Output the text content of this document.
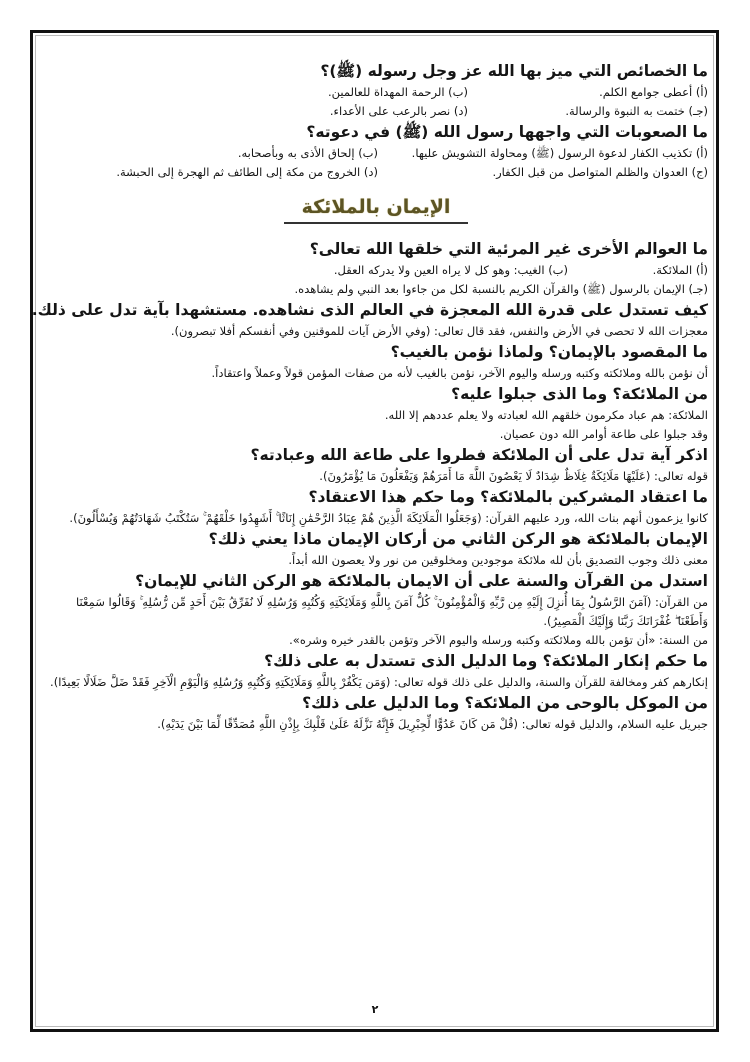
ما الخصائص التي ميز بها الله عز وجل رسوله (ﷺ)؟

(أ) أعطى جوامع الكلم.
(ب) الرحمة المهداة للعالمين.
(جـ) ختمت به النبوة والرسالة.
(د) نصر بالرعب على الأعداء.

ما الصعوبات التي واجهها رسول الله (ﷺ) في دعوته؟

(أ) تكذيب الكفار لدعوة الرسول (ﷺ) ومحاولة التشويش عليها.
(ب) إلحاق الأذى به وبأصحابه.
(ج) العدوان والظلم المتواصل من قبل الكفار.
(د) الخروج من مكة إلى الطائف ثم الهجرة إلى الحبشة.
الإيمان بالملائكة

ما العوالم الأخرى غير المرئية التي خلقها الله تعالى؟

(أ) الملائكة.
(ب) الغيب: وهو كل لا يراه العين ولا يدركه العقل.

(جـ) الإيمان بالرسول (ﷺ) والقرآن الكريم بالنسبة لكل من جاءوا بعد النبي ولم يشاهده.

كيف تستدل على قدرة الله المعجزة في العالم الذى نشاهده. مستشهدا بآية تدل على ذلك.

معجزات الله لا تحصى في الأرض والنفس، فقد قال تعالى: (وفي الأرض آيات للموقنين وفي أنفسكم أفلا تبصرون).

ما المقصود بالإيمان؟ ولماذا نؤمن بالغيب؟

أن نؤمن بالله وملائكته وكتبه ورسله واليوم الآخر، نؤمن بالغيب لأنه من صفات المؤمن قولاً وعملاً واعتقاداً.

من الملائكة؟ وما الذى جبلوا عليه؟

الملائكة: هم عباد مكرمون خلقهم الله لعبادته ولا يعلم عددهم إلا الله.

وقد جبلوا على طاعة أوامر الله دون عصيان.

اذكر آية تدل على أن الملائكة فطروا على طاعة الله وعبادته؟

قوله تعالى: (عَلَيْهَا مَلَائِكَةٌ غِلَاظٌ شِدَادٌ لَا يَعْصُونَ اللَّهَ مَا أَمَرَهُمْ وَيَفْعَلُونَ مَا يُؤْمَرُونَ).

ما اعتقاد المشركين بالملائكة؟ وما حكم هذا الاعتقاد؟

كانوا يزعمون أنهم بنات الله، ورد عليهم القرآن: (وَجَعَلُوا الْمَلَائِكَةَ الَّذِينَ هُمْ عِبَادُ الرَّحْمَٰنِ إِنَاثًا ۚ أَشَهِدُوا خَلْقَهُمْ ۚ سَتُكْتَبُ شَهَادَتُهُمْ وَيُسْأَلُونَ).

الإيمان بالملائكة هو الركن الثاني من أركان الإيمان ماذا يعني ذلك؟

معنى ذلك وجوب التصديق بأن لله ملائكة موجودين ومخلوقين من نور ولا يعصون الله أبداً.

استدل من القرآن والسنة على أن الايمان بالملائكة هو الركن الثاني للإيمان؟

من القرآن: (آمَنَ الرَّسُولُ بِمَا أُنزِلَ إِلَيْهِ مِن رَّبِّهِ وَالْمُؤْمِنُونَ ۚ كُلٌّ آمَنَ بِاللَّهِ وَمَلَائِكَتِهِ وَكُتُبِهِ وَرُسُلِهِ لَا نُفَرِّقُ بَيْنَ أَحَدٍ مِّن رُّسُلِهِ ۚ وَقَالُوا سَمِعْنَا وَأَطَعْنَا ۖ غُفْرَانَكَ رَبَّنَا وَإِلَيْكَ الْمَصِيرُ).

من السنة: «أن تؤمن بالله وملائكته وكتبه ورسله واليوم الآخر وتؤمن بالقدر خيره وشره».

ما حكم إنكار الملائكة؟ وما الدليل الذى تستدل به على ذلك؟

إنكارهم كفر ومخالفة للقرآن والسنة، والدليل على ذلك قوله تعالى: (وَمَن يَكْفُرْ بِاللَّهِ وَمَلَائِكَتِهِ وَكُتُبِهِ وَرُسُلِهِ وَالْيَوْمِ الْآخِرِ فَقَدْ ضَلَّ ضَلَالًا بَعِيدًا).

من الموكل بالوحى من الملائكة؟ وما الدليل على ذلك؟

جبريل عليه السلام، والدليل قوله تعالى: (قُلْ مَن كَانَ عَدُوًّا لِّجِبْرِيلَ فَإِنَّهُ نَزَّلَهُ عَلَىٰ قَلْبِكَ بِإِذْنِ اللَّهِ مُصَدِّقًا لِّمَا بَيْنَ يَدَيْهِ).

٢
